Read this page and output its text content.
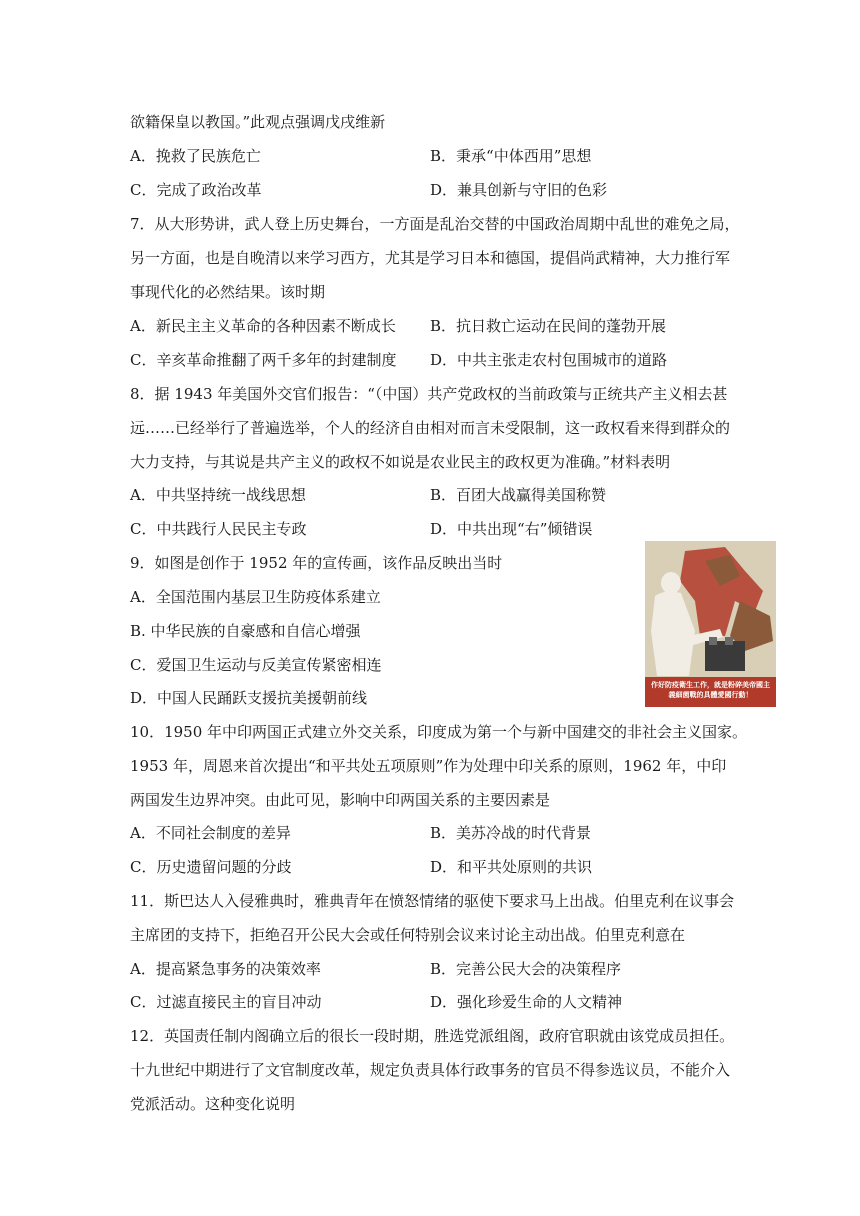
欲籍保皇以教国。”此观点强调戊戌维新
A．挽救了民族危亡	B．秉承“中体西用”思想
C．完成了政治改革	D．兼具创新与守旧的色彩
7．从大形势讲，武人登上历史舞台，一方面是乱治交替的中国政治周期中乱世的难免之局，
另一方面，也是自晚清以来学习西方，尤其是学习日本和德国，提倡尚武精神，大力推行军
事现代化的必然结果。该时期
A．新民主主义革命的各种因素不断成长 B．抗日救亡运动在民间的蓬勃开展
C．辛亥革命推翻了两千多年的封建制度 D．中共主张走农村包围城市的道路
8．据 1943 年美国外交官们报告：“（中国）共产党政权的当前政策与正统共产主义相去甚
远……已经举行了普遍选举，个人的经济自由相对而言未受限制，这一政权看来得到群众的
大力支持，与其说是共产主义的政权不如说是农业民主的政权更为准确。”材料表明
A．中共坚持统一战线思想	B．百团大战赢得美国称赞
C．中共践行人民民主专政	D．中共出现“右”倾错误
9．如图是创作于 1952 年的宣传画，该作品反映出当时
A．全国范围内基层卫生防疫体系建立
B. 中华民族的自豪感和自信心增强
C．爱国卫生运动与反美宣传紧密相连
D．中国人民踊跃支援抗美援朝前线
作好防疫衛生工作，就是粉碎美帝國主義細菌戰的具體愛國行動！
10．1950 年中印两国正式建立外交关系，印度成为第一个与新中国建交的非社会主义国家。
1953 年，周恩来首次提出“和平共处五项原则”作为处理中印关系的原则，1962 年，中印
两国发生边界冲突。由此可见，影响中印两国关系的主要因素是
A．不同社会制度的差异	B．美苏冷战的时代背景
C．历史遗留问题的分歧	D．和平共处原则的共识
11．斯巴达人入侵雅典时，雅典青年在愤怒情绪的驱使下要求马上出战。伯里克利在议事会
主席团的支持下，拒绝召开公民大会或任何特别会议来讨论主动出战。伯里克利意在
A．提高紧急事务的决策效率	B．完善公民大会的决策程序
C．过滤直接民主的盲目冲动	D．强化珍爱生命的人文精神
12．英国责任制内阁确立后的很长一段时期，胜选党派组阁，政府官职就由该党成员担任。
十九世纪中期进行了文官制度改革，规定负责具体行政事务的官员不得参选议员，不能介入
党派活动。这种变化说明
